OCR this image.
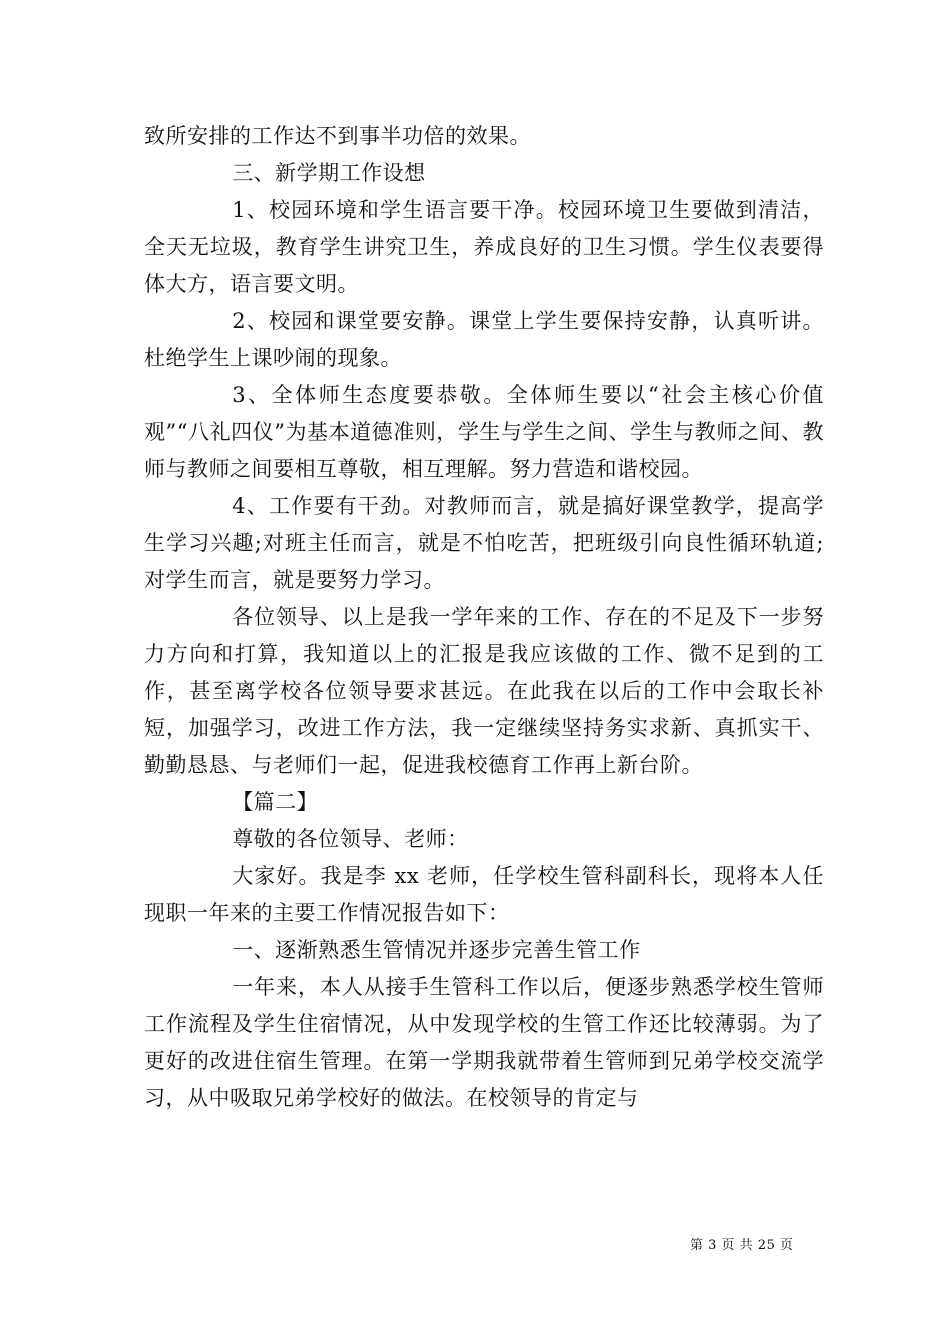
致所安排的工作达不到事半功倍的效果。

三、新学期工作设想

1、校园环境和学生语言要干净。校园环境卫生要做到清洁，全天无垃圾，教育学生讲究卫生，养成良好的卫生习惯。学生仪表要得体大方，语言要文明。

2、校园和课堂要安静。课堂上学生要保持安静，认真听讲。杜绝学生上课吵闹的现象。

3、全体师生态度要恭敬。全体师生要以“社会主核心价值观”“八礼四仪”为基本道德准则，学生与学生之间、学生与教师之间、教师与教师之间要相互尊敬，相互理解。努力营造和谐校园。

4、工作要有干劲。对教师而言，就是搞好课堂教学，提高学生学习兴趣;对班主任而言，就是不怕吃苦，把班级引向良性循环轨道;对学生而言，就是要努力学习。

各位领导、以上是我一学年来的工作、存在的不足及下一步努力方向和打算，我知道以上的汇报是我应该做的工作、微不足到的工作，甚至离学校各位领导要求甚远。在此我在以后的工作中会取长补短，加强学习，改进工作方法，我一定继续坚持务实求新、真抓实干、勤勤恳恳、与老师们一起，促进我校德育工作再上新台阶。

【篇二】

尊敬的各位领导、老师：

大家好。我是李 xx 老师，任学校生管科副科长，现将本人任现职一年来的主要工作情况报告如下：

一、逐渐熟悉生管情况并逐步完善生管工作

一年来，本人从接手生管科工作以后，便逐步熟悉学校生管师工作流程及学生住宿情况，从中发现学校的生管工作还比较薄弱。为了更好的改进住宿生管理。在第一学期我就带着生管师到兄弟学校交流学习，从中吸取兄弟学校好的做法。在校领导的肯定与

第 3 页 共 25 页
